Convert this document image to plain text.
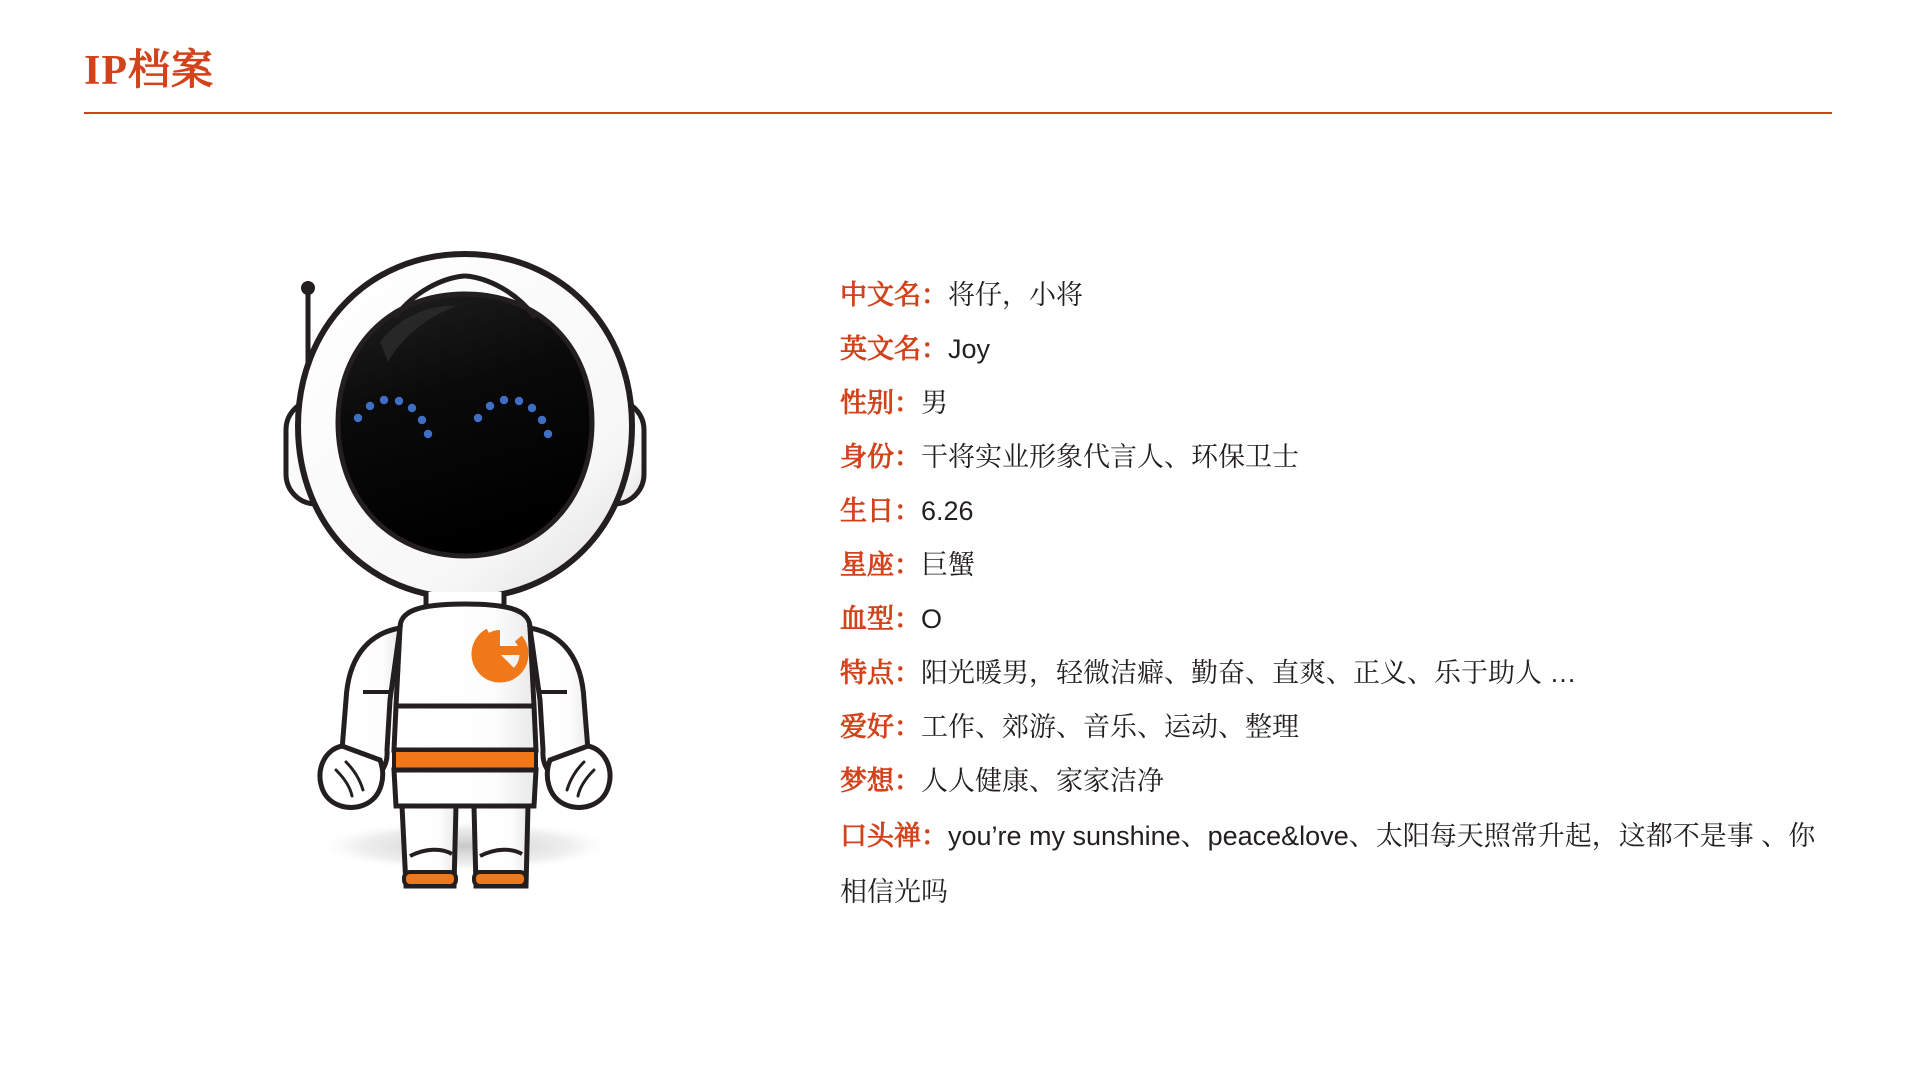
IP档案
中文名：将仔，小将
英文名：Joy
性别：男
身份：干将实业形象代言人、环保卫士
生日：6.26
星座：巨蟹
血型：O
特点：阳光暖男，轻微洁癖、勤奋、直爽、正义、乐于助人 …
爱好：工作、郊游、音乐、运动、整理
梦想：人人健康、家家洁净
口头禅：you’re my sunshine、peace&love、太阳每天照常升起，这都不是事 、你相信光吗
